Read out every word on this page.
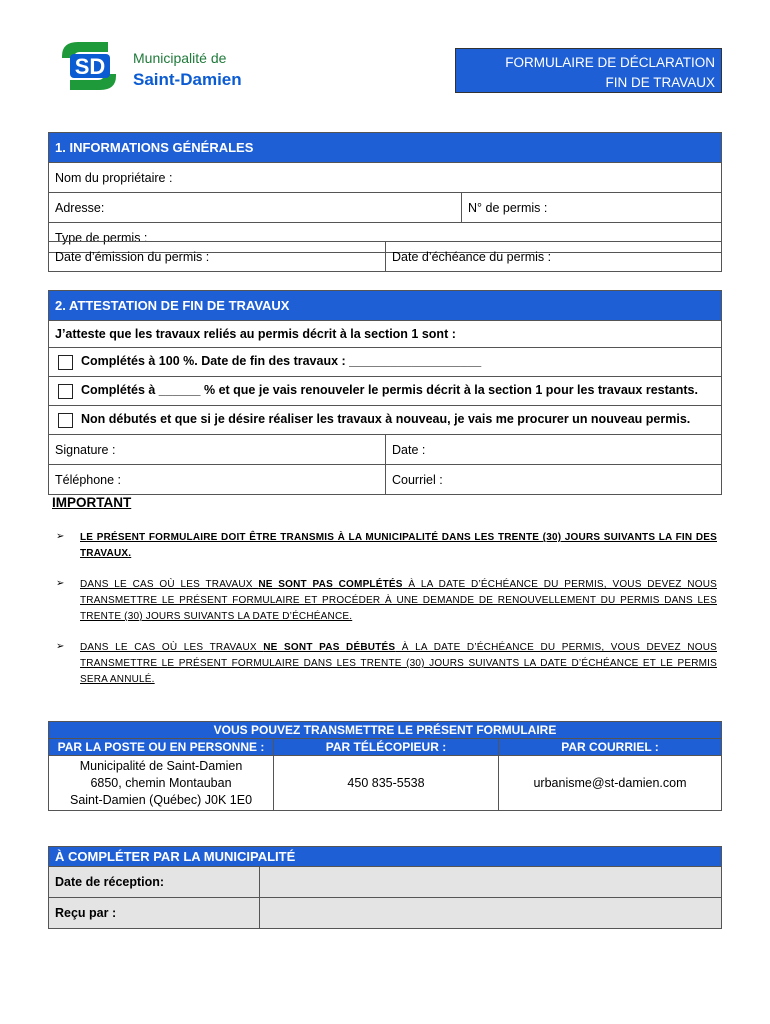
SD Municipalité de
Saint-Damien
FORMULAIRE DE DÉCLARATION
FIN DE TRAVAUX
1. INFORMATIONS GÉNÉRALES
Nom du propriétaire :
Adresse:	N° de permis :
Type de permis :
Date d’émission du permis :	Date d’échéance du permis :
2. ATTESTATION DE FIN DE TRAVAUX	
J’atteste que les travaux reliés au permis décrit à la section 1 sont :	
Complétés à 100 %. Date de fin des travaux : ___________________	
Complétés à ______ % et que je vais renouveler le permis décrit à la section 1 pour les travaux restants.	
Non débutés et que si je désire réaliser les travaux à nouveau, je vais me procurer un nouveau permis.	
Signature :	Date :
Téléphone :	Courriel :
IMPORTANT
➢ LE PRÉSENT FORMULAIRE DOIT ÊTRE TRANSMIS À LA MUNICIPALITÉ DANS LES TRENTE (30) JOURS SUIVANTS LA FIN DES TRAVAUX.
➢ DANS LE CAS OÙ LES TRAVAUX NE SONT PAS COMPLÉTÉS À LA DATE D’ÉCHÉANCE DU PERMIS, VOUS DEVEZ NOUS TRANSMETTRE LE PRÉSENT FORMULAIRE ET PROCÉDER À UNE DEMANDE DE RENOUVELLEMENT DU PERMIS DANS LES TRENTE (30) JOURS SUIVANTS LA DATE D’ÉCHÉANCE.
➢ DANS LE CAS OÙ LES TRAVAUX NE SONT PAS DÉBUTÉS À LA DATE D’ÉCHÉANCE DU PERMIS, VOUS DEVEZ NOUS TRANSMETTRE LE PRÉSENT FORMULAIRE DANS LES TRENTE (30) JOURS SUIVANTS LA DATE D’ÉCHÉANCE ET LE PERMIS SERA ANNULÉ.
VOUS POUVEZ TRANSMETTRE LE PRÉSENT FORMULAIRE		
PAR LA POSTE OU EN PERSONNE :	PAR TÉLÉCOPIEUR :	PAR COURRIEL :

Municipalité de Saint-Damien
6850, chemin Montauban
Saint-Damien (Québec) J0K 1E0	450 835-5538	urbanisme@st-damien.com
À COMPLÉTER PAR LA MUNICIPALITÉ	
Date de réception:	
Reçu par :	
